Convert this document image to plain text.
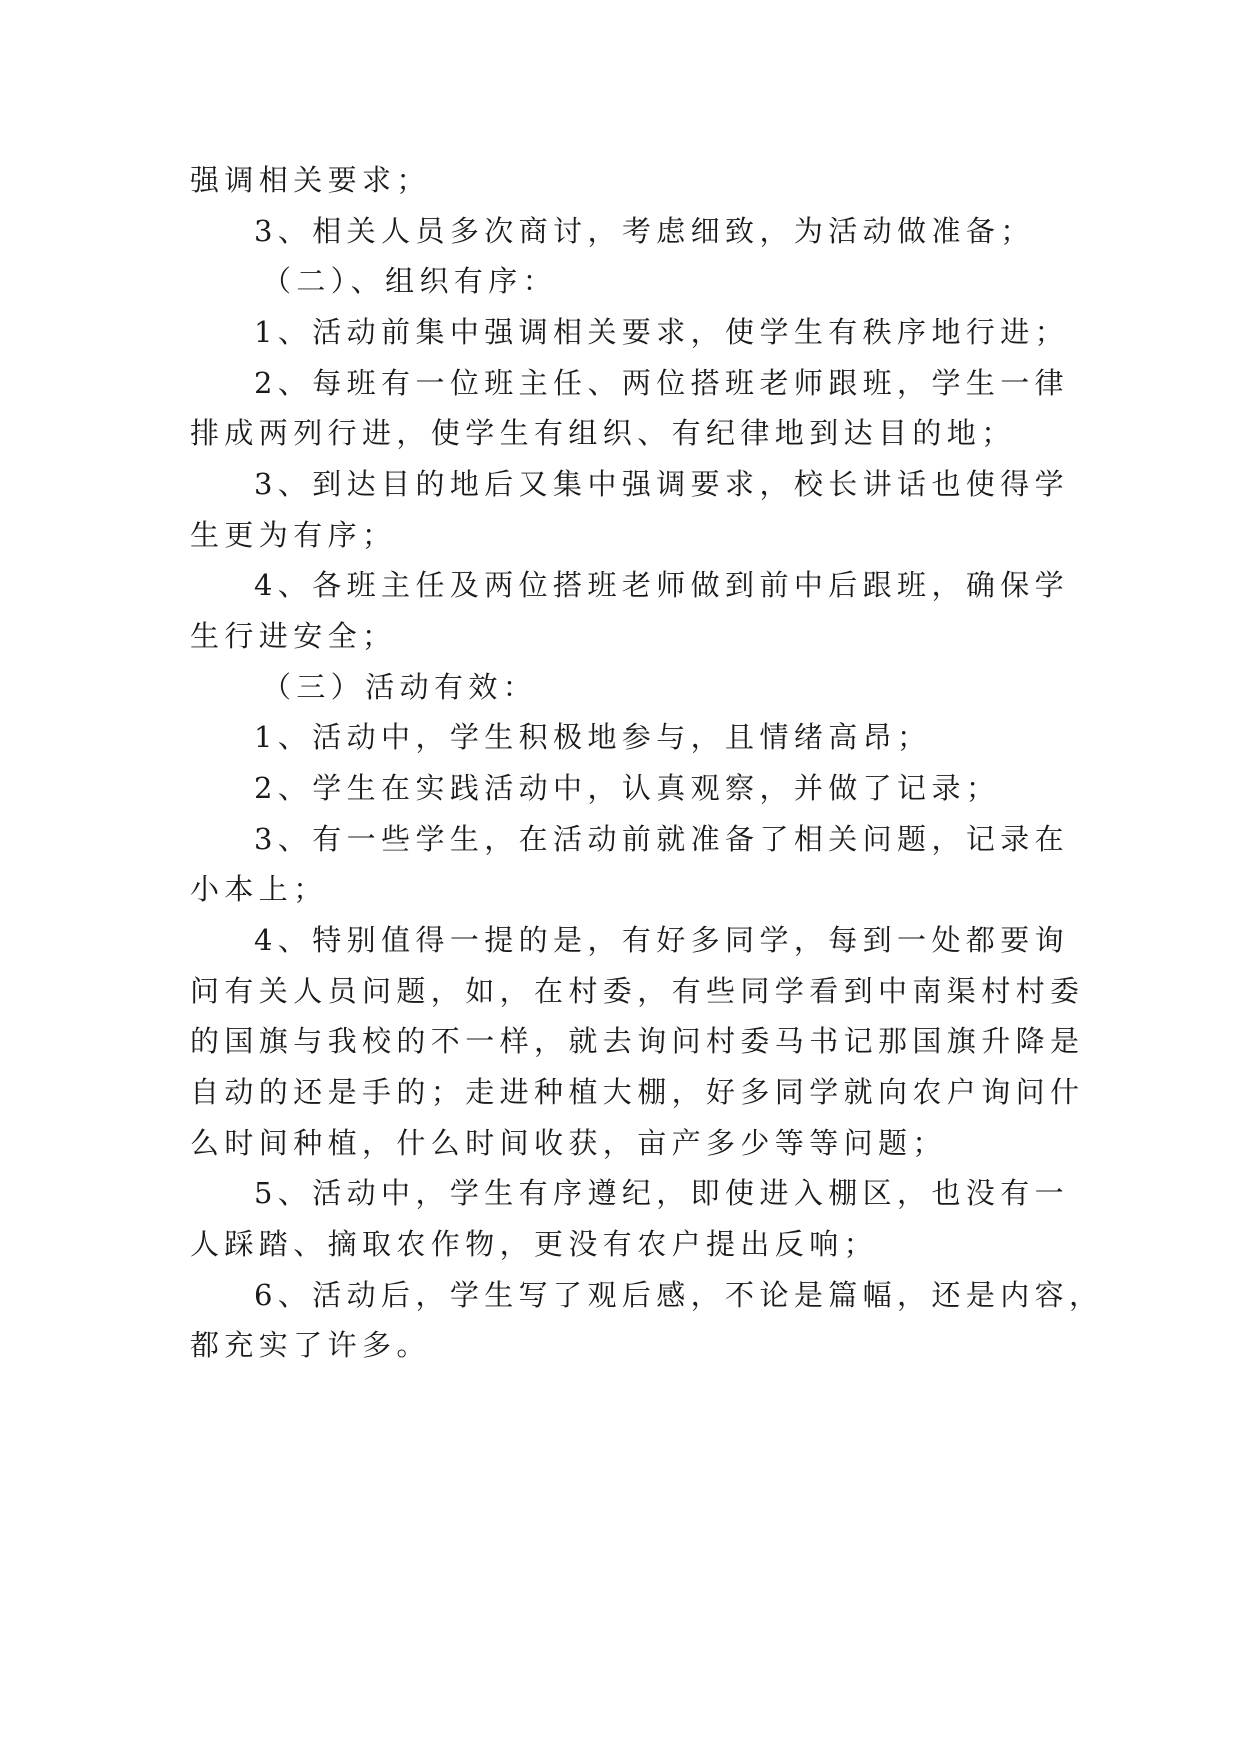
强调相关要求；
3、相关人员多次商讨，考虑细致，为活动做准备；
（二）、组织有序：
1、活动前集中强调相关要求，使学生有秩序地行进；
2、每班有一位班主任、两位搭班老师跟班，学生一律
排成两列行进，使学生有组织、有纪律地到达目的地；
3、到达目的地后又集中强调要求，校长讲话也使得学
生更为有序；
4、各班主任及两位搭班老师做到前中后跟班，确保学
生行进安全；
（三）活动有效：
1、活动中，学生积极地参与，且情绪高昂；
2、学生在实践活动中，认真观察，并做了记录；
3、有一些学生，在活动前就准备了相关问题，记录在
小本上；
4、特别值得一提的是，有好多同学，每到一处都要询
问有关人员问题，如，在村委，有些同学看到中南渠村村委
的国旗与我校的不一样，就去询问村委马书记那国旗升降是
自动的还是手的；走进种植大棚，好多同学就向农户询问什
么时间种植，什么时间收获，亩产多少等等问题；
5、活动中，学生有序遵纪，即使进入棚区，也没有一
人踩踏、摘取农作物，更没有农户提出反响；
6、活动后，学生写了观后感，不论是篇幅，还是内容，
都充实了许多。
